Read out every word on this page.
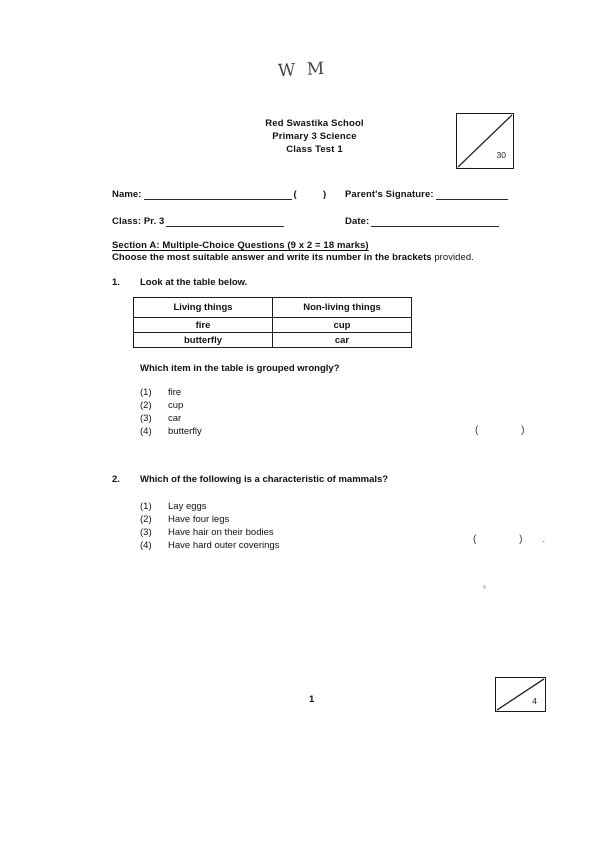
W M
Red Swastika School
Primary 3 Science
Class Test 1	30
4
Name:	(  ) Parent's Signature:
Class: Pr. 3	Date:
Section A: Multiple-Choice Questions (9 x 2 = 18 marks)
Choose the most suitable answer and write its number in the brackets provided.
1. Look at the table below.
Living things	Non-living things
fire	cup
butterfly	car
Which item in the table is grouped wrongly?
(1)	fire
(2)	cup
(3)	car
(4)	butterfly	( )
2. Which of the following is a characteristic of mammals?
(1)	Lay eggs
(2)	Have four legs
(3)	Have hair on their bodies
(4)	Have hard outer coverings
( ).
1
